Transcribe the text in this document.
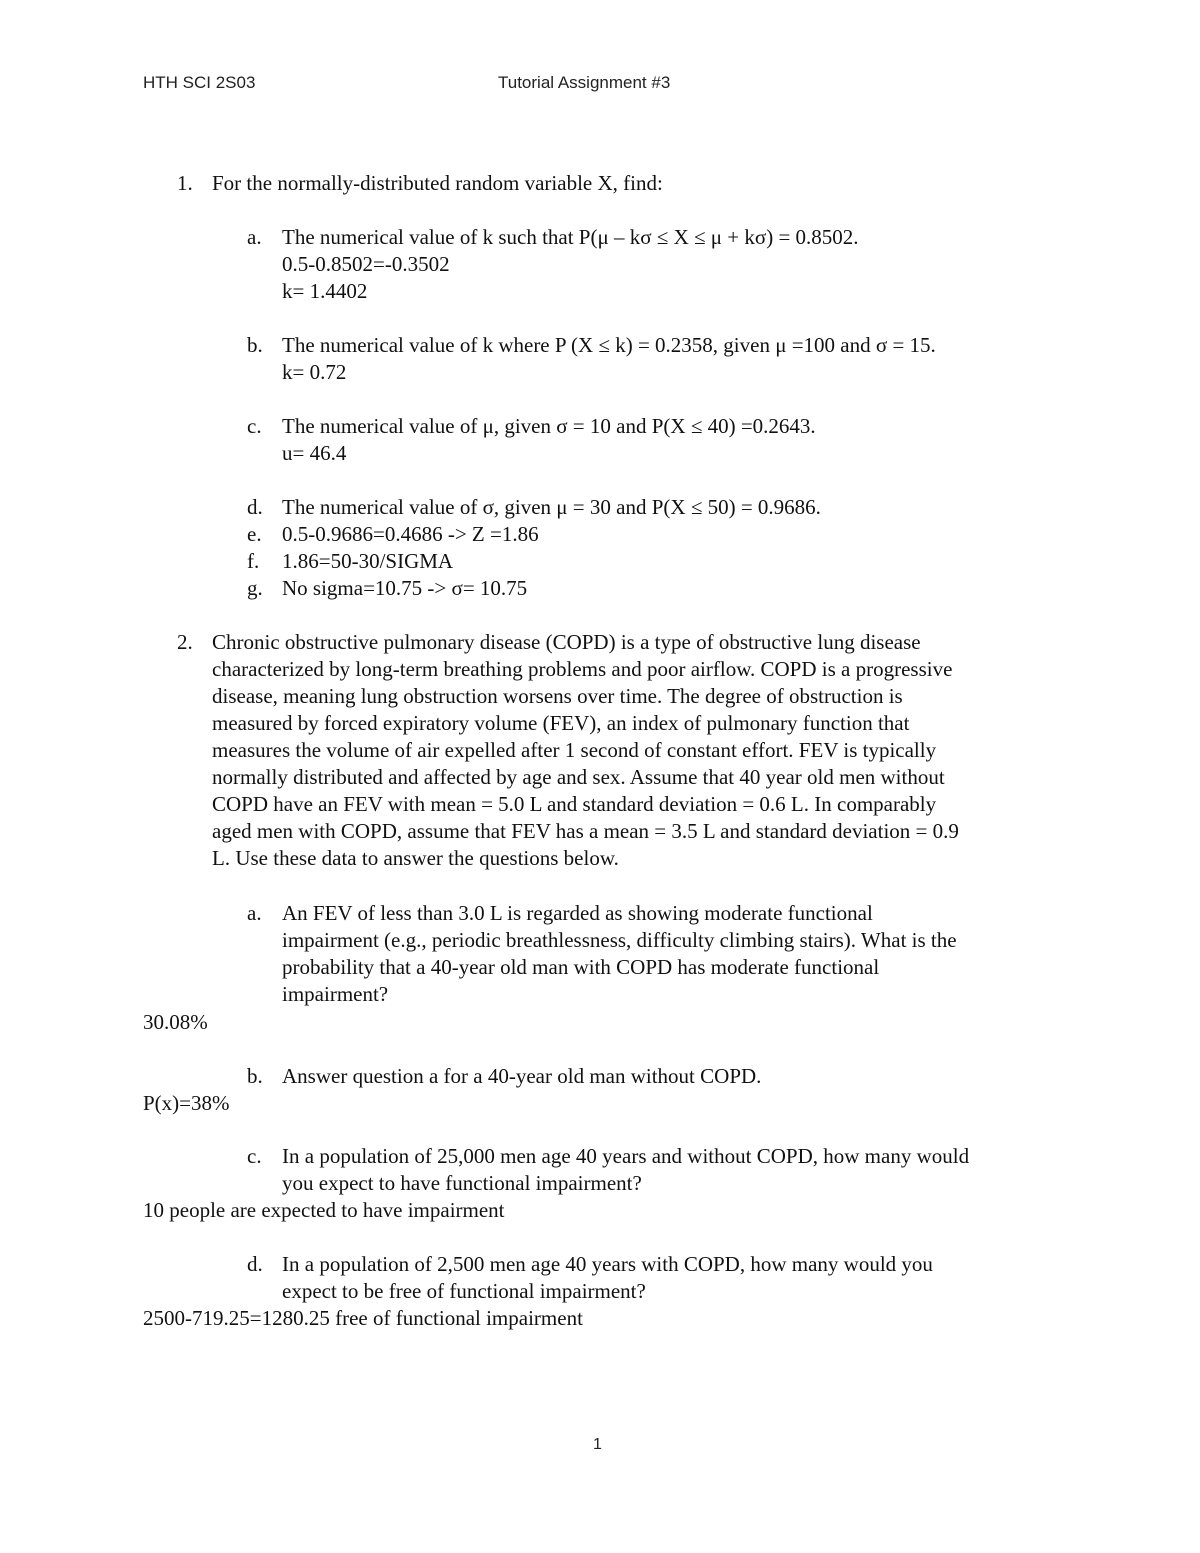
HTH SCI 2S03	Tutorial Assignment #3
1. For the normally-distributed random variable X, find:
a. The numerical value of k such that P(μ – kσ ≤ X ≤ μ + kσ) = 0.8502.
0.5-0.8502=-0.3502
k= 1.4402
b. The numerical value of k where P (X ≤ k) = 0.2358, given μ =100 and σ = 15.
k= 0.72
c. The numerical value of μ, given σ = 10 and P(X ≤ 40) =0.2643.
u= 46.4
d. The numerical value of σ, given μ = 30 and P(X ≤ 50) = 0.9686.
e. 0.5-0.9686=0.4686 -> Z =1.86
f. 1.86=50-30/SIGMA
g. No sigma=10.75 -> σ= 10.75
2. Chronic obstructive pulmonary disease (COPD) is a type of obstructive lung disease
characterized by long-term breathing problems and poor airflow. COPD is a progressive
disease, meaning lung obstruction worsens over time. The degree of obstruction is
measured by forced expiratory volume (FEV), an index of pulmonary function that
measures the volume of air expelled after 1 second of constant effort. FEV is typically
normally distributed and affected by age and sex. Assume that 40 year old men without
COPD have an FEV with mean = 5.0 L and standard deviation = 0.6 L. In comparably
aged men with COPD, assume that FEV has a mean = 3.5 L and standard deviation = 0.9
L. Use these data to answer the questions below.
a. An FEV of less than 3.0 L is regarded as showing moderate functional
impairment (e.g., periodic breathlessness, difficulty climbing stairs). What is the
probability that a 40-year old man with COPD has moderate functional
impairment?
30.08%
b. Answer question a for a 40-year old man without COPD.
P(x)=38%
c. In a population of 25,000 men age 40 years and without COPD, how many would
you expect to have functional impairment?
10 people are expected to have impairment
d. In a population of 2,500 men age 40 years with COPD, how many would you
expect to be free of functional impairment?
2500-719.25=1280.25 free of functional impairment
1
